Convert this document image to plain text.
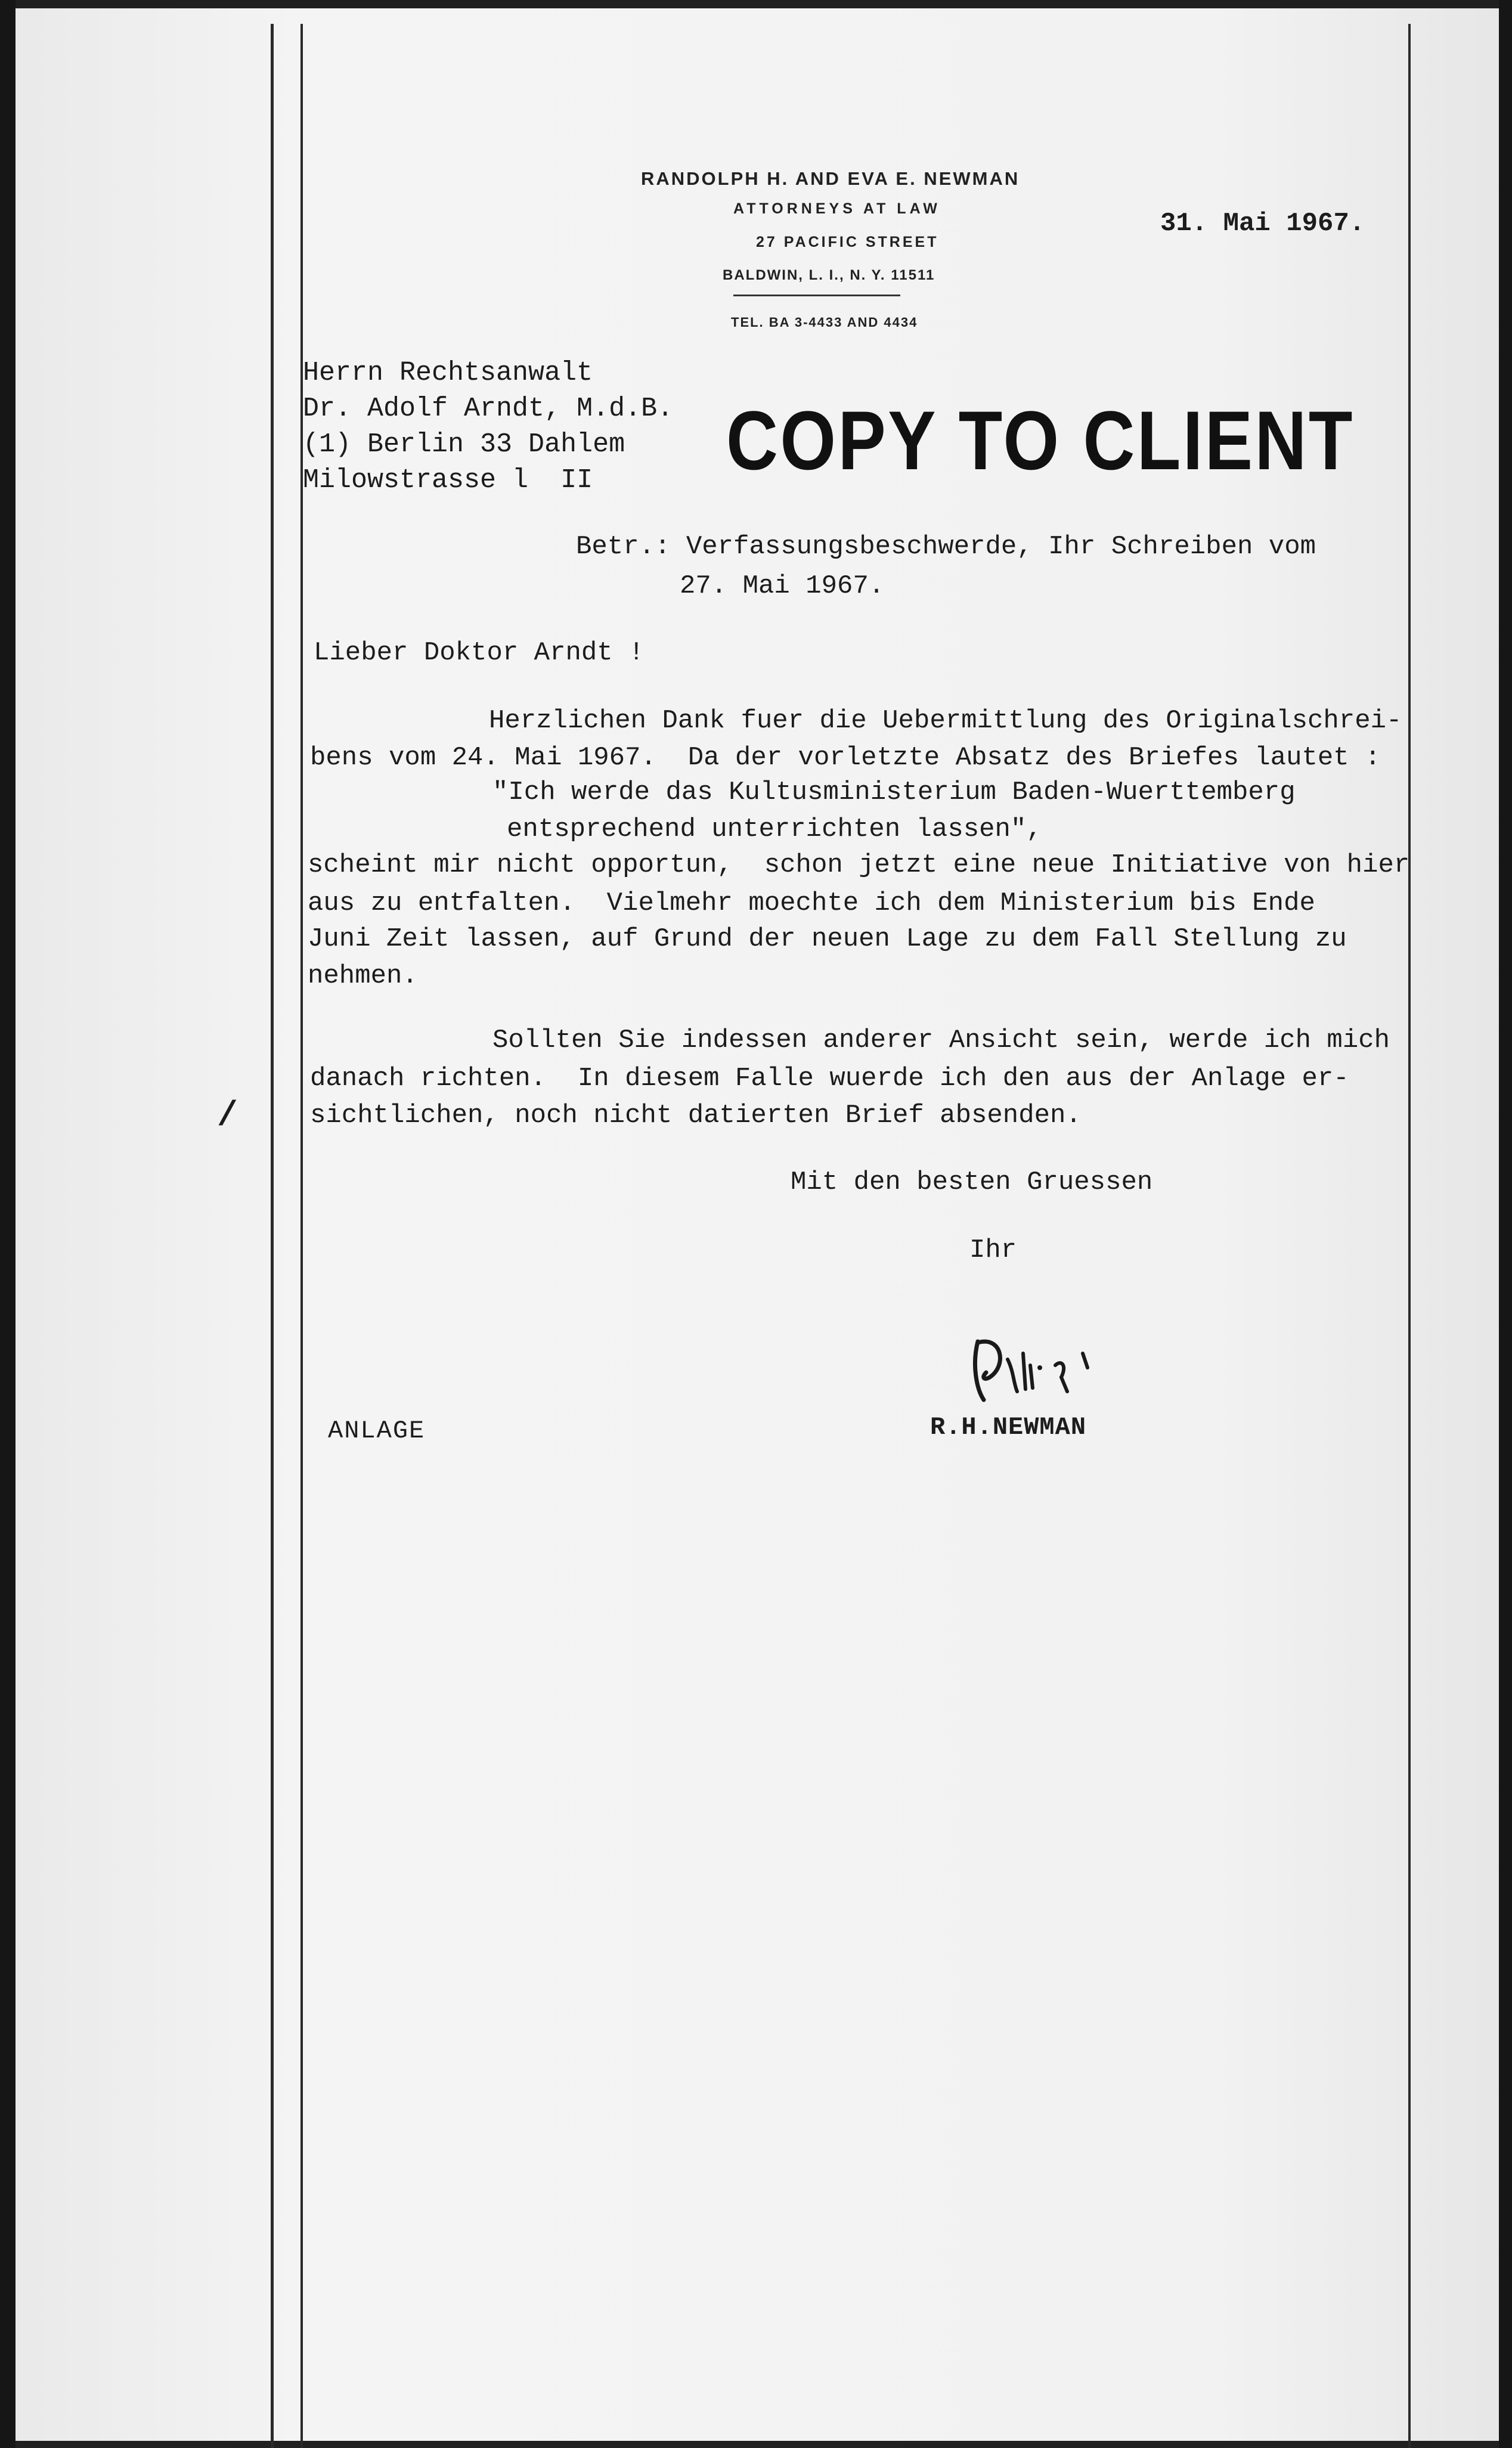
RANDOLPH H. AND EVA E. NEWMAN
ATTORNEYS AT LAW
27 PACIFIC STREET
BALDWIN, L. I., N. Y. 11511
TEL. BA 3-4433 AND 4434
31. Mai 1967.
Herrn Rechtsanwalt
Dr. Adolf Arndt, M.d.B.
(1) Berlin 33 Dahlem
Milowstrasse l  II COPY TO CLIENT
Betr.: Verfassungsbeschwerde, Ihr Schreiben vom
27. Mai 1967.
Lieber Doktor Arndt !
Herzlichen Dank fuer die Uebermittlung des Originalschrei-
bens vom 24. Mai 1967.  Da der vorletzte Absatz des Briefes lautet :
"Ich werde das Kultusministerium Baden-Wuerttemberg
entsprechend unterrichten lassen",
scheint mir nicht opportun,  schon jetzt eine neue Initiative von hier
aus zu entfalten.  Vielmehr moechte ich dem Ministerium bis Ende
Juni Zeit lassen, auf Grund der neuen Lage zu dem Fall Stellung zu
nehmen.
Sollten Sie indessen anderer Ansicht sein, werde ich mich
danach richten.  In diesem Falle wuerde ich den aus der Anlage er-
sichtlichen, noch nicht datierten Brief absenden.
/
Mit den besten Gruessen
Ihr
R.H.NEWMAN
ANLAGE
